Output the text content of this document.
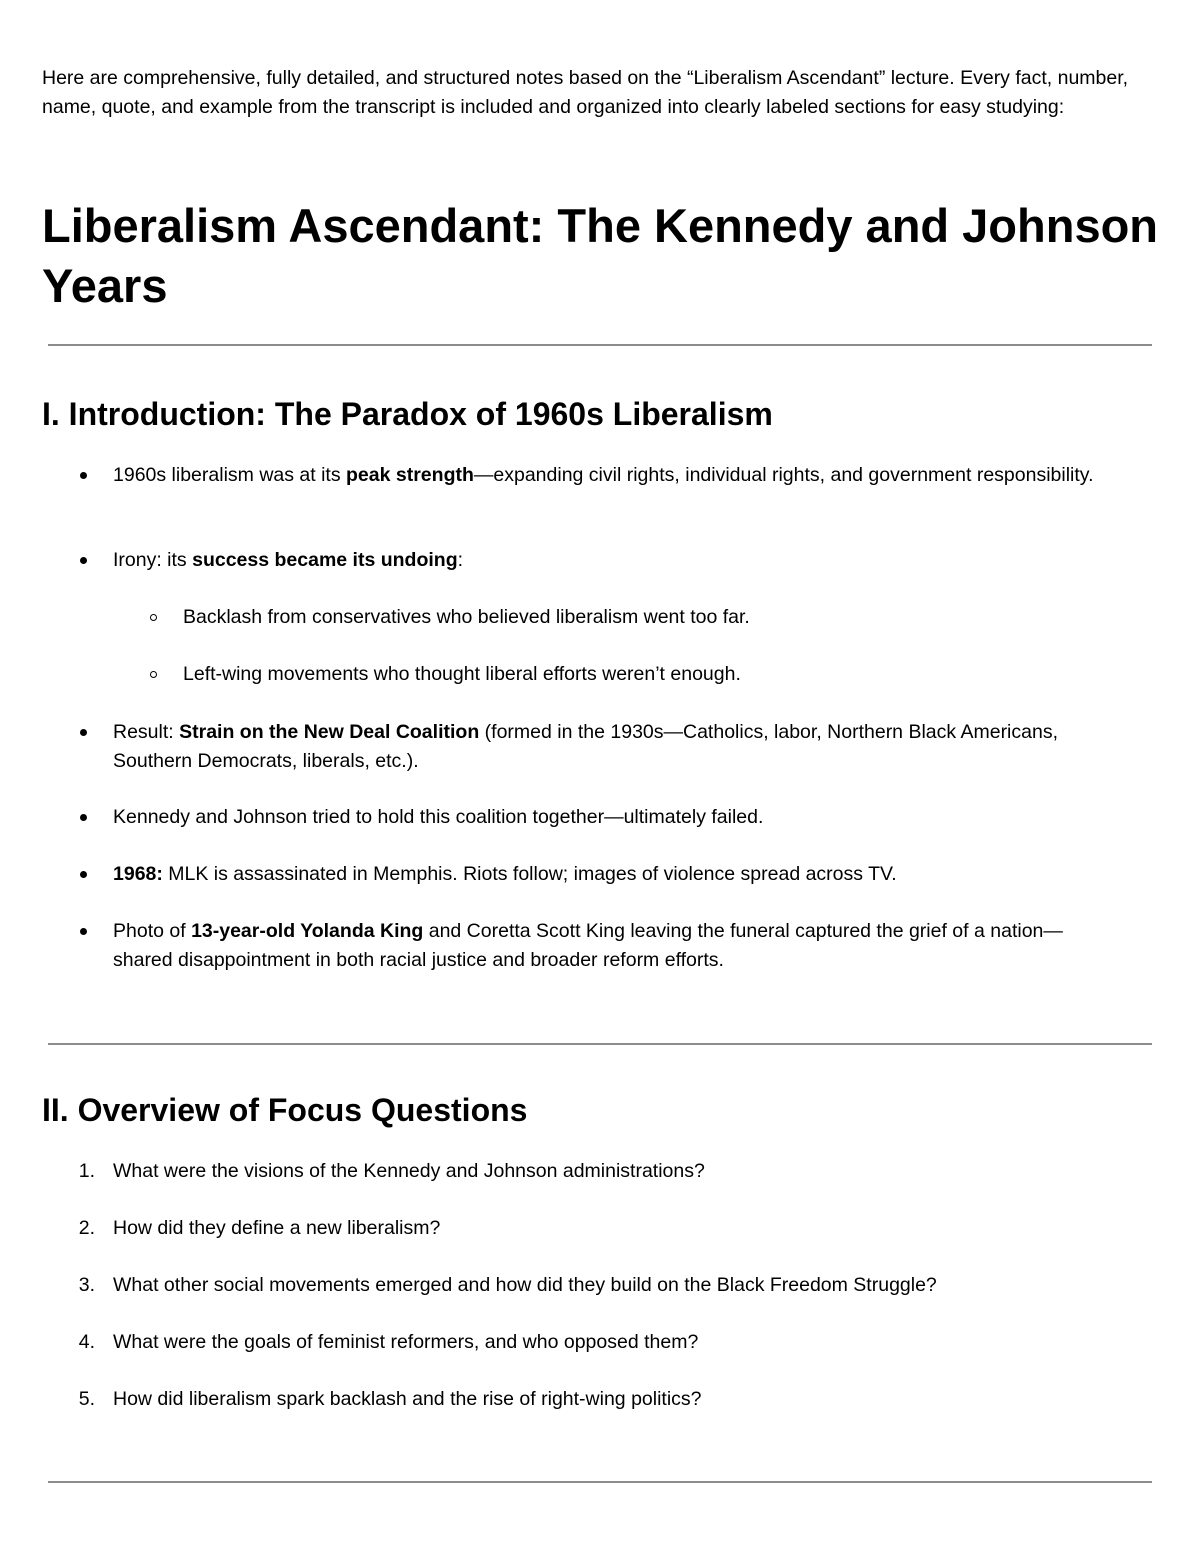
Here are comprehensive, fully detailed, and structured notes based on the “Liberalism Ascendant” lecture. Every fact, number, name, quote, and example from the transcript is included and organized into clearly labeled sections for easy studying:

Liberalism Ascendant: The Kennedy and Johnson Years
I. Introduction: The Paradox of 1960s Liberalism

1960s liberalism was at its peak strength—expanding civil rights, individual rights, and government responsibility.

Irony: its success became its undoing:

Backlash from conservatives who believed liberalism went too far.

Left-wing movements who thought liberal efforts weren’t enough.

Result: Strain on the New Deal Coalition (formed in the 1930s—Catholics, labor, Northern Black Americans, Southern Democrats, liberals, etc.).

Kennedy and Johnson tried to hold this coalition together—ultimately failed.

1968: MLK is assassinated in Memphis. Riots follow; images of violence spread across TV.

Photo of 13-year-old Yolanda King and Coretta Scott King leaving the funeral captured the grief of a nation—shared disappointment in both racial justice and broader reform efforts.

II. Overview of Focus Questions
1. What were the visions of the Kennedy and Johnson administrations?

2. How did they define a new liberalism?

3. What other social movements emerged and how did they build on the Black Freedom Struggle?

4. What were the goals of feminist reformers, and who opposed them?

5. How did liberalism spark backlash and the rise of right-wing politics?
